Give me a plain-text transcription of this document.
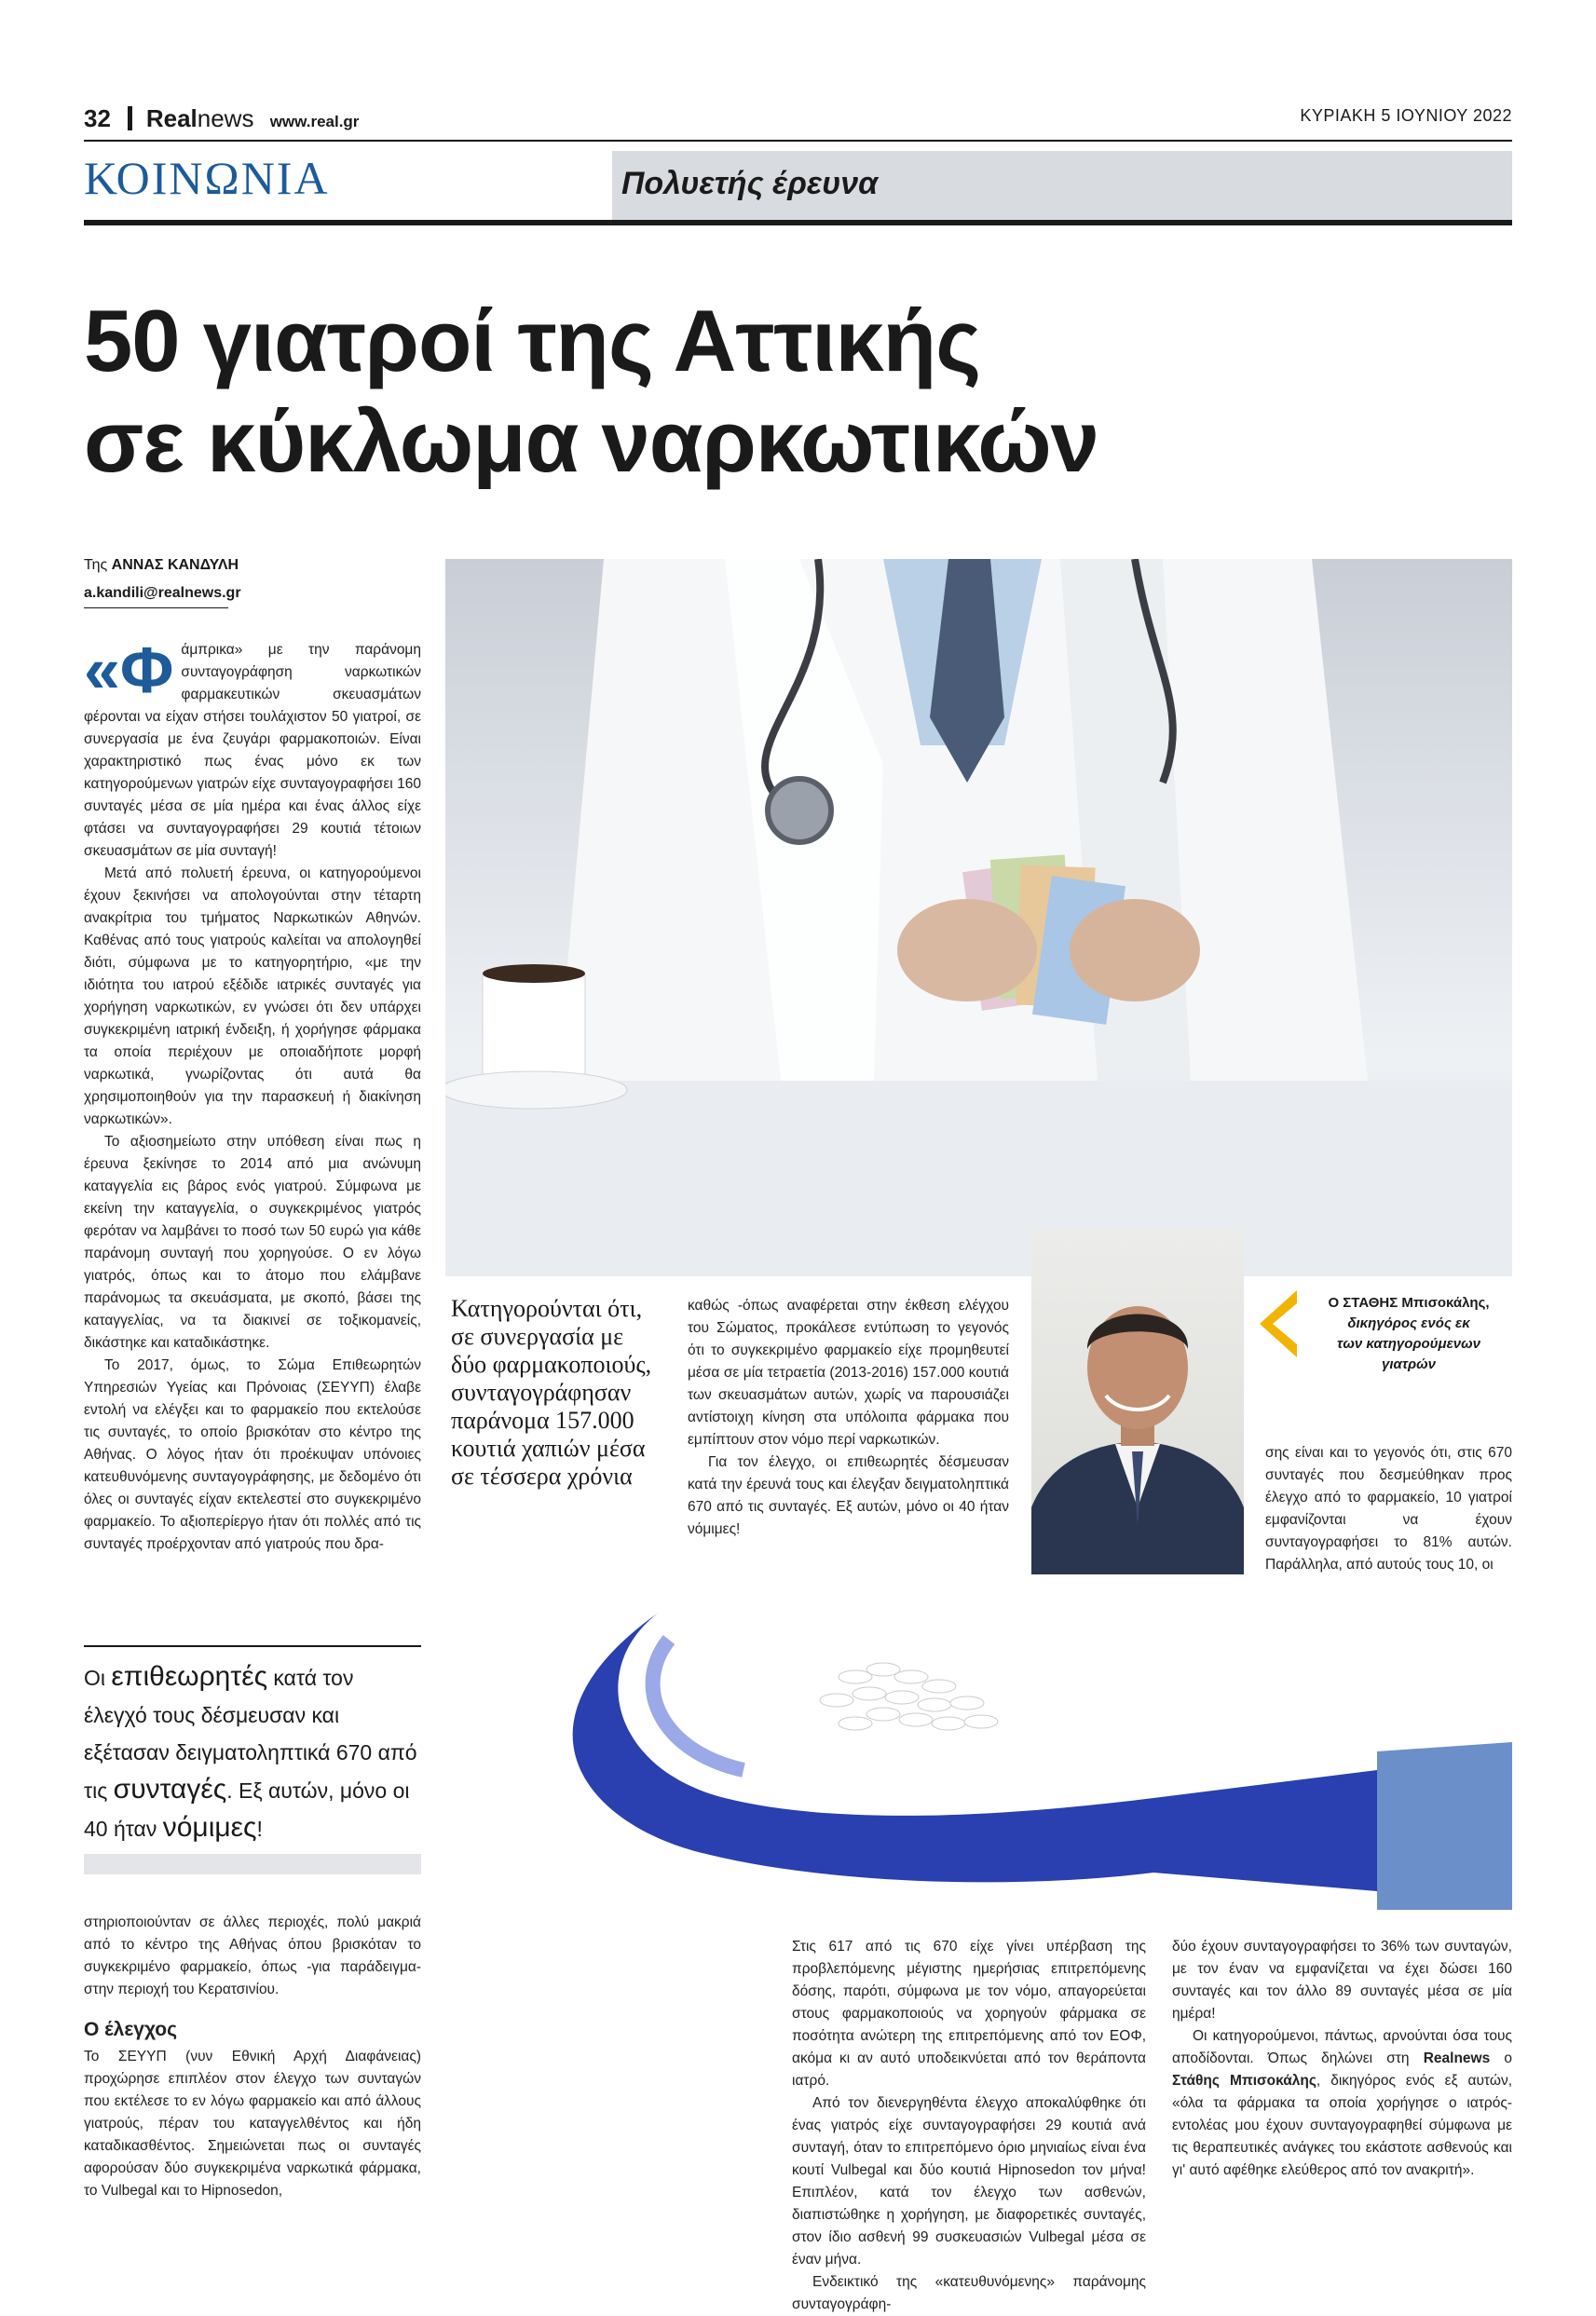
32 Realnews www.real.gr	ΚΥΡΙΑΚΗ 5 ΙΟΥΝΙΟΥ 2022
ΚΟΙΝΩΝΙΑ	Πολυετής έρευνα
50 γιατροί της Αττικής
σε κύκλωμα ναρκωτικών
Της ΑΝΝΑΣ ΚΑΝΔΥΛΗ
a.kandili@realnews.gr

«Φάμπρικα» με την παράνομη συνταγογράφηση ναρκωτικών φαρμακευτικών σκευασμάτων φέρονται να είχαν στήσει τουλάχιστον 50 γιατροί, σε συνεργασία με ένα ζευγάρι φαρμακοποιών. Είναι χαρακτηριστικό πως ένας μόνο εκ των κατηγορούμενων γιατρών είχε συνταγογραφήσει 160 συνταγές μέσα σε μία ημέρα και ένας άλλος είχε φτάσει να συνταγογραφήσει 29 κουτιά τέτοιων σκευασμάτων σε μία συνταγή!

Μετά από πολυετή έρευνα, οι κατηγορούμενοι έχουν ξεκινήσει να απολογούνται στην τέταρτη ανακρίτρια του τμήματος Ναρκωτικών Αθηνών. Καθένας από τους γιατρούς καλείται να απολογηθεί διότι, σύμφωνα με το κατηγορητήριο, «με την ιδιότητα του ιατρού εξέδιδε ιατρικές συνταγές για χορήγηση ναρκωτικών, εν γνώσει ότι δεν υπάρχει συγκεκριμένη ιατρική ένδειξη, ή χορήγησε φάρμακα τα οποία περιέχουν με οποιαδήποτε μορφή ναρκωτικά, γνωρίζοντας ότι αυτά θα χρησιμοποιηθούν για την παρασκευή ή διακίνηση ναρκωτικών».

Το αξιοσημείωτο στην υπόθεση είναι πως η έρευνα ξεκίνησε το 2014 από μια ανώνυμη καταγγελία εις βάρος ενός γιατρού. Σύμφωνα με εκείνη την καταγγελία, ο συγκεκριμένος γιατρός φερόταν να λαμβάνει το ποσό των 50 ευρώ για κάθε παράνομη συνταγή που χορηγούσε. Ο εν λόγω γιατρός, όπως και το άτομο που ελάμβανε παράνομως τα σκευάσματα, με σκοπό, βάσει της καταγγελίας, να τα διακινεί σε τοξικομανείς, δικάστηκε και καταδικάστηκε.

Το 2017, όμως, το Σώμα Επιθεωρητών Υπηρεσιών Υγείας και Πρόνοιας (ΣΕΥΥΠ) έλαβε εντολή να ελέγξει και το φαρμακείο που εκτελούσε τις συνταγές, το οποίο βρισκόταν στο κέντρο της Αθήνας. Ο λόγος ήταν ότι προέκυψαν υπόνοιες κατευθυνόμενης συνταγογράφησης, με δεδομένο ότι όλες οι συνταγές είχαν εκτελεστεί στο συγκεκριμένο φαρμακείο. Το αξιοπερίεργο ήταν ότι πολλές από τις συνταγές προέρχονταν από γιατρούς που δρα-

Οι επιθεωρητές κατά τον έλεγχό τους δέσμευσαν και εξέτασαν δειγματοληπτικά 670 από τις συνταγές. Εξ αυτών, μόνο οι 40 ήταν νόμιμες!

στηριοποιούνταν σε άλλες περιοχές, πολύ μακριά από το κέντρο της Αθήνας όπου βρισκόταν το συγκεκριμένο φαρμακείο, όπως -για παράδειγμα- στην περιοχή του Κερατσινίου.

Ο έλεγχος

Το ΣΕΥΥΠ (νυν Εθνική Αρχή Διαφάνειας) προχώρησε επιπλέον στον έλεγχο των συνταγών που εκτέλεσε το εν λόγω φαρμακείο και από άλλους γιατρούς, πέραν του καταγγελθέντος και ήδη καταδικασθέντος. Σημειώνεται πως οι συνταγές αφορούσαν δύο συγκεκριμένα ναρκωτικά φάρμακα, το Vulbegal και το Hipnosedon,

Κατηγορούνται ότι, σε συνεργασία με δύο φαρμακοποιούς, συνταγογράφησαν παράνομα 157.000 κουτιά χαπιών μέσα σε τέσσερα χρόνια

καθώς -όπως αναφέρεται στην έκθεση ελέγχου του Σώματος, προκάλεσε εντύπωση το γεγονός ότι το συγκεκριμένο φαρμακείο είχε προμηθευτεί μέσα σε μία τετραετία (2013-2016) 157.000 κουτιά των σκευασμάτων αυτών, χωρίς να παρουσιάζει αντίστοιχη κίνηση στα υπόλοιπα φάρμακα που εμπίπτουν στον νόμο περί ναρκωτικών.

Για τον έλεγχο, οι επιθεωρητές δέσμευσαν κατά την έρευνά τους και έλεγξαν δειγματοληπτικά 670 από τις συνταγές. Εξ αυτών, μόνο οι 40 ήταν νόμιμες!

Ο ΣΤΑΘΗΣ Μπισοκάλης,
δικηγόρος ενός εκ
των κατηγορούμενων
γιατρών

σης είναι και το γεγονός ότι, στις 670 συνταγές που δεσμεύθηκαν προς έλεγχο από το φαρμακείο, 10 γιατροί εμφανίζονται να έχουν συνταγογραφήσει το 81% αυτών. Παράλληλα, από αυτούς τους 10, οι

Στις 617 από τις 670 είχε γίνει υπέρβαση της προβλεπόμενης μέγιστης ημερήσιας επιτρεπόμενης δόσης, παρότι, σύμφωνα με τον νόμο, απαγορεύεται στους φαρμακοποιούς να χορηγούν φάρμακα σε ποσότητα ανώτερη της επιτρεπόμενης από τον ΕΟΦ, ακόμα κι αν αυτό υποδεικνύεται από τον θεράποντα ιατρό.

Από τον διενεργηθέντα έλεγχο αποκαλύφθηκε ότι ένας γιατρός είχε συνταγογραφήσει 29 κουτιά ανά συνταγή, όταν το επιτρεπόμενο όριο μηνιαίως είναι ένα κουτί Vulbegal και δύο κουτιά Hipnosedon τον μήνα! Επιπλέον, κατά τον έλεγχο των ασθενών, διαπιστώθηκε η χορήγηση, με διαφορετικές συνταγές, στον ίδιο ασθενή 99 συσκευασιών Vulbegal μέσα σε έναν μήνα.

Ενδεικτικό της «κατευθυνόμενης» παράνομης συνταγογράφη-

δύο έχουν συνταγογραφήσει το 36% των συνταγών, με τον έναν να εμφανίζεται να έχει δώσει 160 συνταγές και τον άλλο 89 συνταγές μέσα σε μία ημέρα!

Οι κατηγορούμενοι, πάντως, αρνούνται όσα τους αποδίδονται. Όπως δηλώνει στη Realnews ο Στάθης Μπισοκάλης, δικηγόρος ενός εξ αυτών, «όλα τα φάρμακα τα οποία χορήγησε ο ιατρός-εντολέας μου έχουν συνταγογραφηθεί σύμφωνα με τις θεραπευτικές ανάγκες του εκάστοτε ασθενούς και γι' αυτό αφέθηκε ελεύθερος από τον ανακριτή».
